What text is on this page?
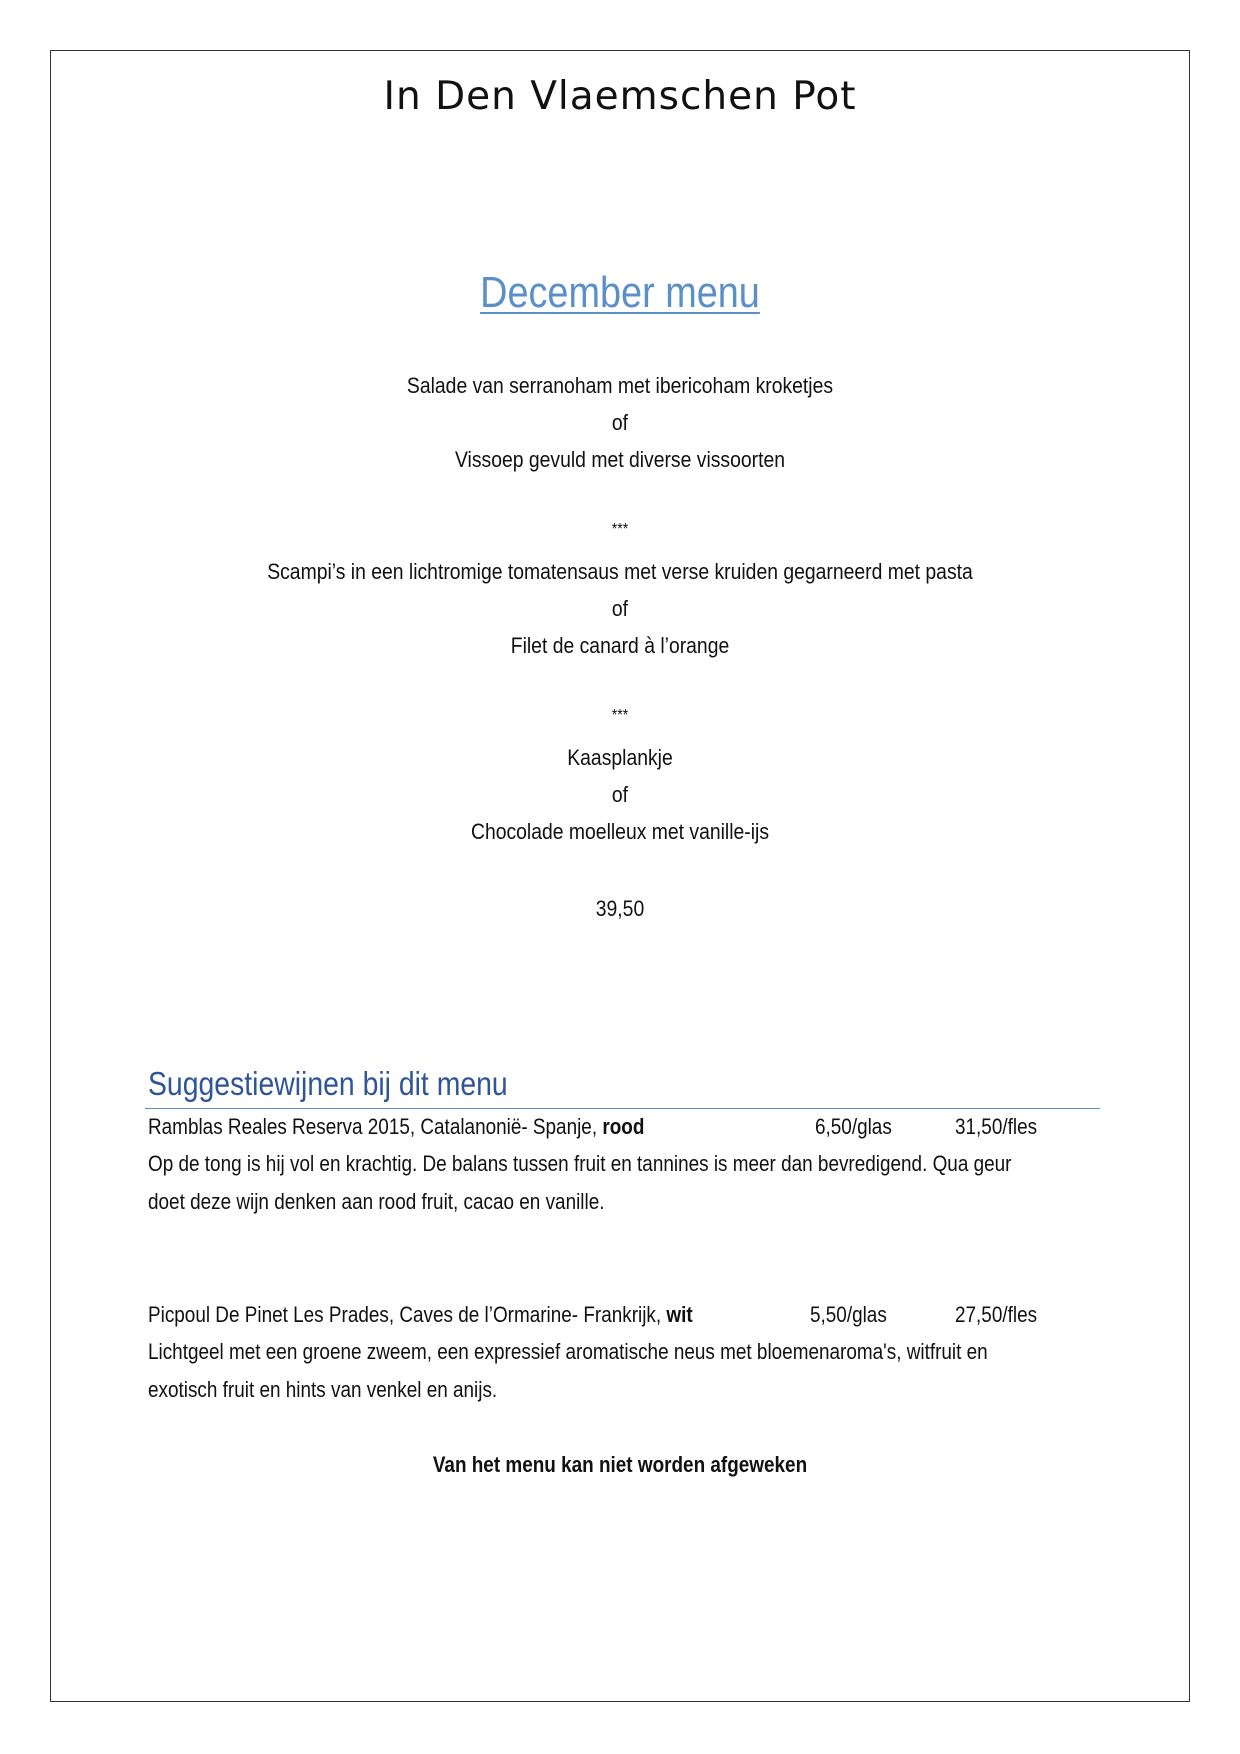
In Den Vlaemschen Pot
December menu
Salade van serranoham met ibericoham kroketjes
of
Vissoep gevuld met diverse vissoorten
***
Scampi’s in een lichtromige tomatensaus met verse kruiden gegarneerd met pasta
of
Filet de canard à l’orange
***
Kaasplankje
of
Chocolade moelleux met vanille-ijs
39,50
Suggestiewijnen bij dit menu
Ramblas Reales Reserva 2015, Catalanonië- Spanje, rood	6,50/glas	31,50/fles
Op de tong is hij vol en krachtig. De balans tussen fruit en tannines is meer dan bevredigend. Qua geur
doet deze wijn denken aan rood fruit, cacao en vanille.
Picpoul De Pinet Les Prades, Caves de l’Ormarine- Frankrijk, wit	5,50/glas	27,50/fles
Lichtgeel met een groene zweem, een expressief aromatische neus met bloemenaroma's, witfruit en
exotisch fruit en hints van venkel en anijs.
Van het menu kan niet worden afgeweken
